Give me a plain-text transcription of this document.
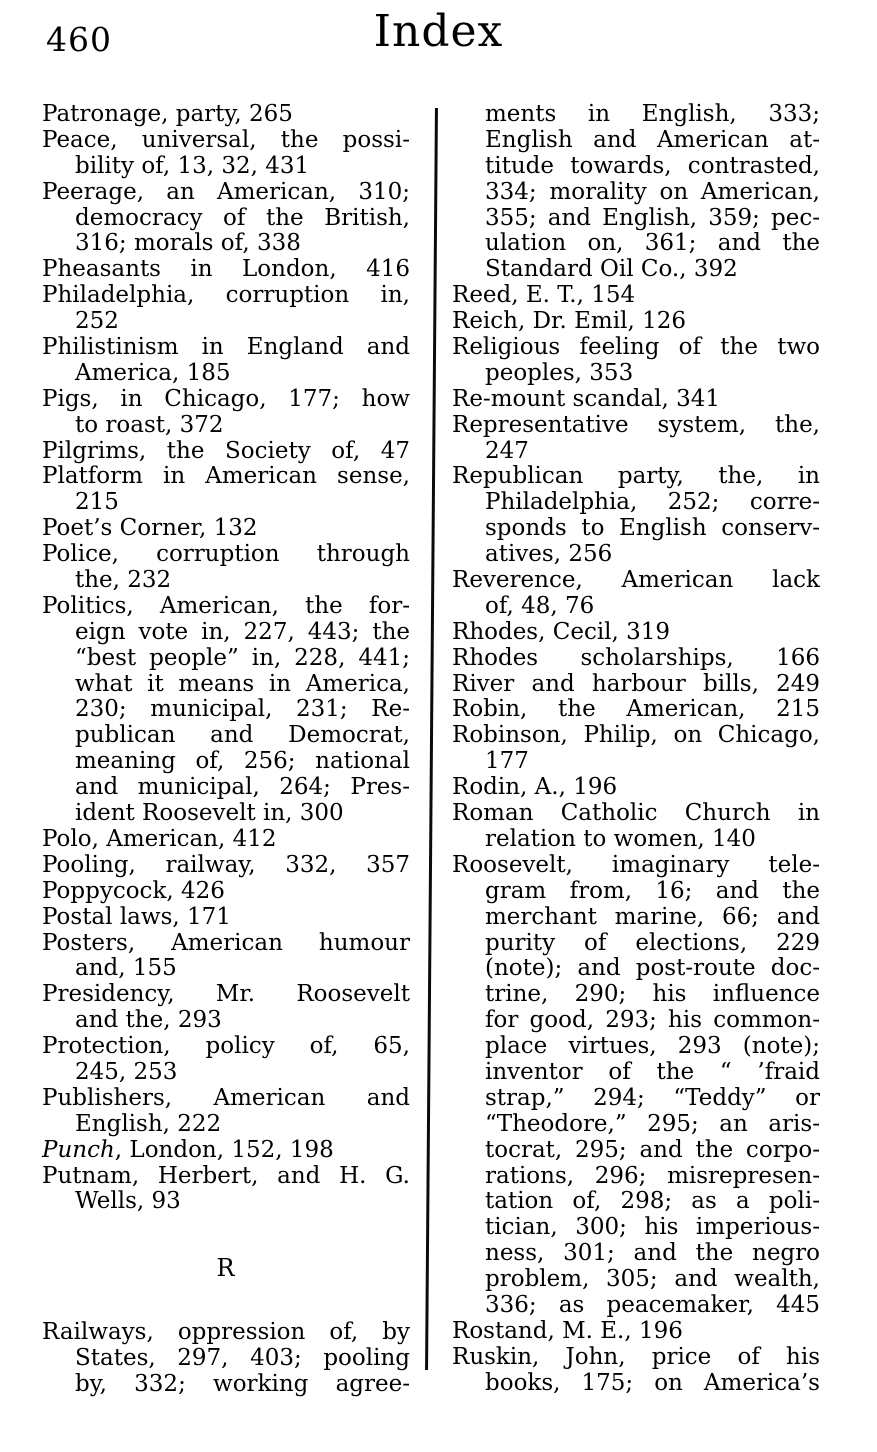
460	Index
Patronage, party, 265
Peace, universal, the possi-
bility of, 13, 32, 431
Peerage, an American, 310;
democracy of the British,
316; morals of, 338
Pheasants in London, 416
Philadelphia, corruption in,
252
Philistinism in England and
America, 185
Pigs, in Chicago, 177; how
to roast, 372
Pilgrims, the Society of, 47
Platform in American sense,
215
Poet’s Corner, 132
Police, corruption through
the, 232
Politics, American, the for-
eign vote in, 227, 443; the
“best people” in, 228, 441;
what it means in America,
230; municipal, 231; Re-
publican and Democrat,
meaning of, 256; national
and municipal, 264; Pres-
ident Roosevelt in, 300
Polo, American, 412
Pooling, railway, 332, 357
Poppycock, 426
Postal laws, 171
Posters, American humour
and, 155
Presidency, Mr. Roosevelt
and the, 293
Protection, policy of, 65,
245, 253
Publishers, American and
English, 222
Punch, London, 152, 198
Putnam, Herbert, and H. G.
Wells, 93
R
Railways, oppression of, by
States, 297, 403; pooling
by, 332; working agree-
ments in English, 333;
English and American at-
titude towards, contrasted,
334; morality on American,
355; and English, 359; pec-
ulation on, 361; and the
Standard Oil Co., 392
Reed, E. T., 154
Reich, Dr. Emil, 126
Religious feeling of the two
peoples, 353
Re-mount scandal, 341
Representative system, the,
247
Republican party, the, in
Philadelphia, 252; corre-
sponds to English conserv-
atives, 256
Reverence, American lack
of, 48, 76
Rhodes, Cecil, 319
Rhodes scholarships, 166
River and harbour bills, 249
Robin, the American, 215
Robinson, Philip, on Chicago,
177
Rodin, A., 196
Roman Catholic Church in
relation to women, 140
Roosevelt, imaginary tele-
gram from, 16; and the
merchant marine, 66; and
purity of elections, 229
(note); and post-route doc-
trine, 290; his influence
for good, 293; his common-
place virtues, 293 (note);
inventor of the “ ’fraid
strap,” 294; “Teddy” or
“Theodore,” 295; an aris-
tocrat, 295; and the corpo-
rations, 296; misrepresen-
tation of, 298; as a poli-
tician, 300; his imperious-
ness, 301; and the negro
problem, 305; and wealth,
336; as peacemaker, 445
Rostand, M. E., 196
Ruskin, John, price of his
books, 175; on America’s
